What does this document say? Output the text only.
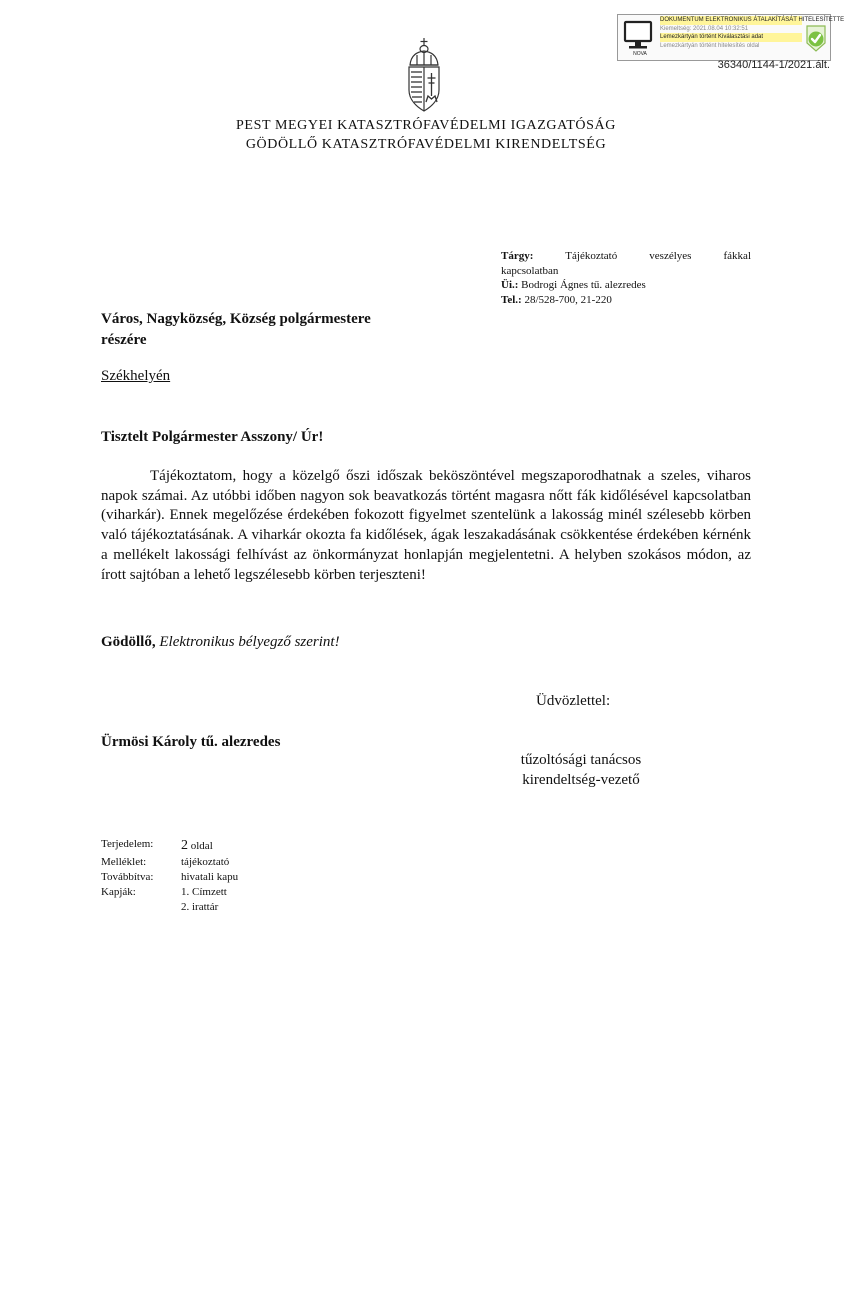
NOVA
DOKUMENTUM ELEKTRONIKUS ÁTALAKÍTÁSÁT HITELESÍTETTE
Kiemeltség: 2021.08.04 10:32:51
Lemezkártyán történt Kiválasztási adat
Lemezkártyán történt hitelesítés oldal
36340/1144-1/2021.ált.
PEST MEGYEI KATASZTRÓFAVÉDELMI IGAZGATÓSÁG
GÖDÖLLŐ KATASZTRÓFAVÉDELMI KIRENDELTSÉG
Tárgy:	Tájékoztató	veszélyes	fákkal
kapcsolatban
Üi.: Bodrogi Ágnes tű. alezredes
Tel.: 28/528-700, 21-220
Város, Nagyközség, Község polgármestere
részére
Székhelyén
Tisztelt Polgármester Asszony/ Úr!
Tájékoztatom, hogy a közelgő őszi időszak beköszöntével megszaporodhatnak a szeles, viharos napok számai. Az utóbbi időben nagyon sok beavatkozás történt magasra nőtt fák kidőlésével kapcsolatban (viharkár). Ennek megelőzése érdekében fokozott figyelmet szentelünk a lakosság minél szélesebb körben való tájékoztatásának. A viharkár okozta fa kidőlések, ágak leszakadásának csökkentése érdekében kérnénk a mellékelt lakossági felhívást az önkormányzat honlapján megjelentetni. A helyben szokásos módon, az írott sajtóban a lehető legszélesebb körben terjeszteni!
Gödöllő, Elektronikus bélyegző szerint!
Üdvözlettel:
Ürmösi Károly tű. alezredes
tűzoltósági tanácsos
kirendeltség-vezető
Terjedelem:	2 oldal
Melléklet:	tájékoztató
Továbbítva:	hivatali kapu
Kapják:	1. Címzett
2. irattár
